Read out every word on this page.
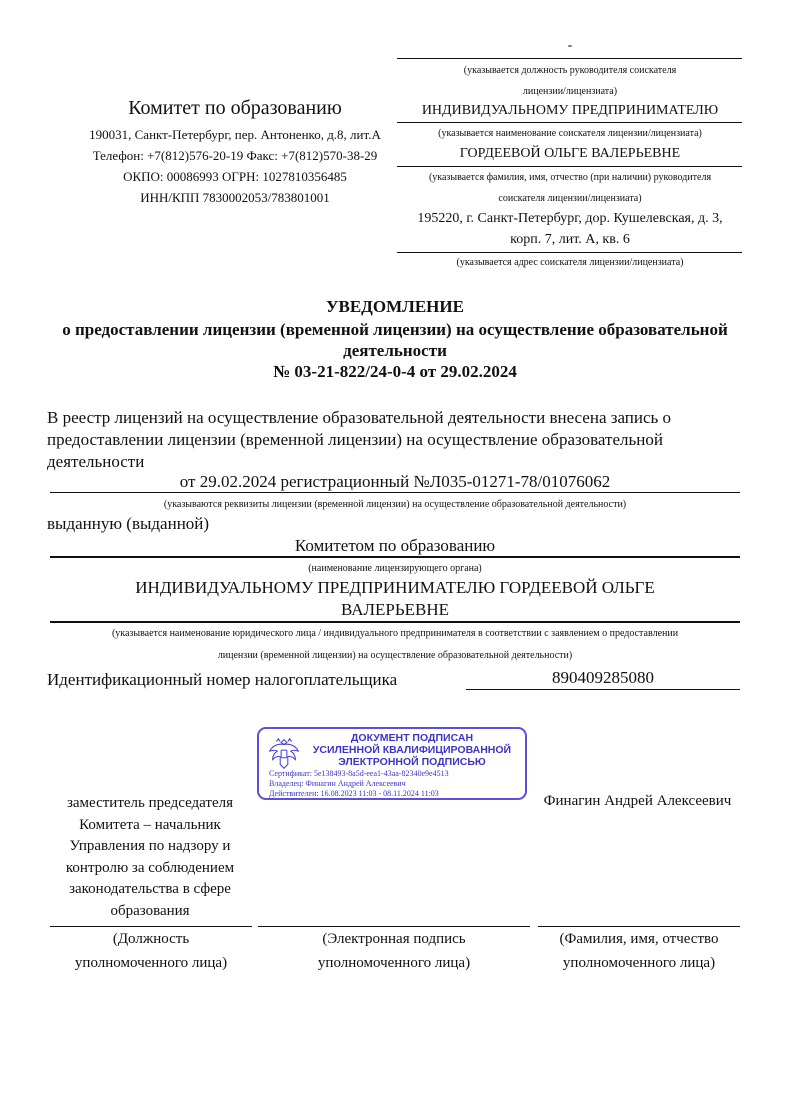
-
(указывается должность руководителя соискателя
лицензии/лицензиата)
ИНДИВИДУАЛЬНОМУ ПРЕДПРИНИМАТЕЛЮ
(указывается наименование соискателя лицензии/лицензиата)
ГОРДЕЕВОЙ ОЛЬГЕ ВАЛЕРЬЕВНЕ
(указывается фамилия, имя, отчество (при наличии) руководителя
соискателя лицензии/лицензиата)
195220, г. Санкт-Петербург, дор. Кушелевская, д. 3,
корп. 7, лит. А, кв. 6
(указывается адрес соискателя лицензии/лицензиата)
Комитет по образованию
190031, Санкт-Петербург, пер. Антоненко, д.8, лит.А
Телефон: +7(812)576-20-19 Факс: +7(812)570-38-29
ОКПО: 00086993 ОГРН: 1027810356485
ИНН/КПП 7830002053/783801001
УВЕДОМЛЕНИЕ
о предоставлении лицензии (временной лицензии) на осуществление образовательной
деятельности
№ 03-21-822/24-0-4 от 29.02.2024
В реестр лицензий на осуществление образовательной деятельности внесена запись о
предоставлении лицензии (временной лицензии) на осуществление образовательной
деятельности
от 29.02.2024 регистрационный №Л035-01271-78/01076062
(указываются реквизиты лицензии (временной лицензии) на осуществление образовательной деятельности)
выданную (выданной)
Комитетом по образованию
(наименование лицензирующего органа)
ИНДИВИДУАЛЬНОМУ ПРЕДПРИНИМАТЕЛЮ ГОРДЕЕВОЙ ОЛЬГЕ
ВАЛЕРЬЕВНЕ
(указывается наименование юридического лица / индивидуального предпринимателя в соответствии с заявлением о предоставлении
лицензии (временной лицензии) на осуществление образовательной деятельности)
Идентификационный номер налогоплательщика	890409285080
ДОКУМЕНТ ПОДПИСАН
УСИЛЕННОЙ КВАЛИФИЦИРОВАННОЙ
ЭЛЕКТРОННОЙ ПОДПИСЬЮ
Сертификат: 5e138493-8a5d-eea1-43aa-82340e9e4513
Владелец: Финагин Андрей Алексеевич
Действителен: 16.08.2023 11:03 - 08.11.2024 11:03
заместитель председателя
Комитета – начальник
Управления по надзору и
контролю за соблюдением
законодательства в сфере
образования
Финагин Андрей Алексеевич
(Должность
уполномоченного лица)
(Электронная подпись
уполномоченного лица)
(Фамилия, имя, отчество
уполномоченного лица)
